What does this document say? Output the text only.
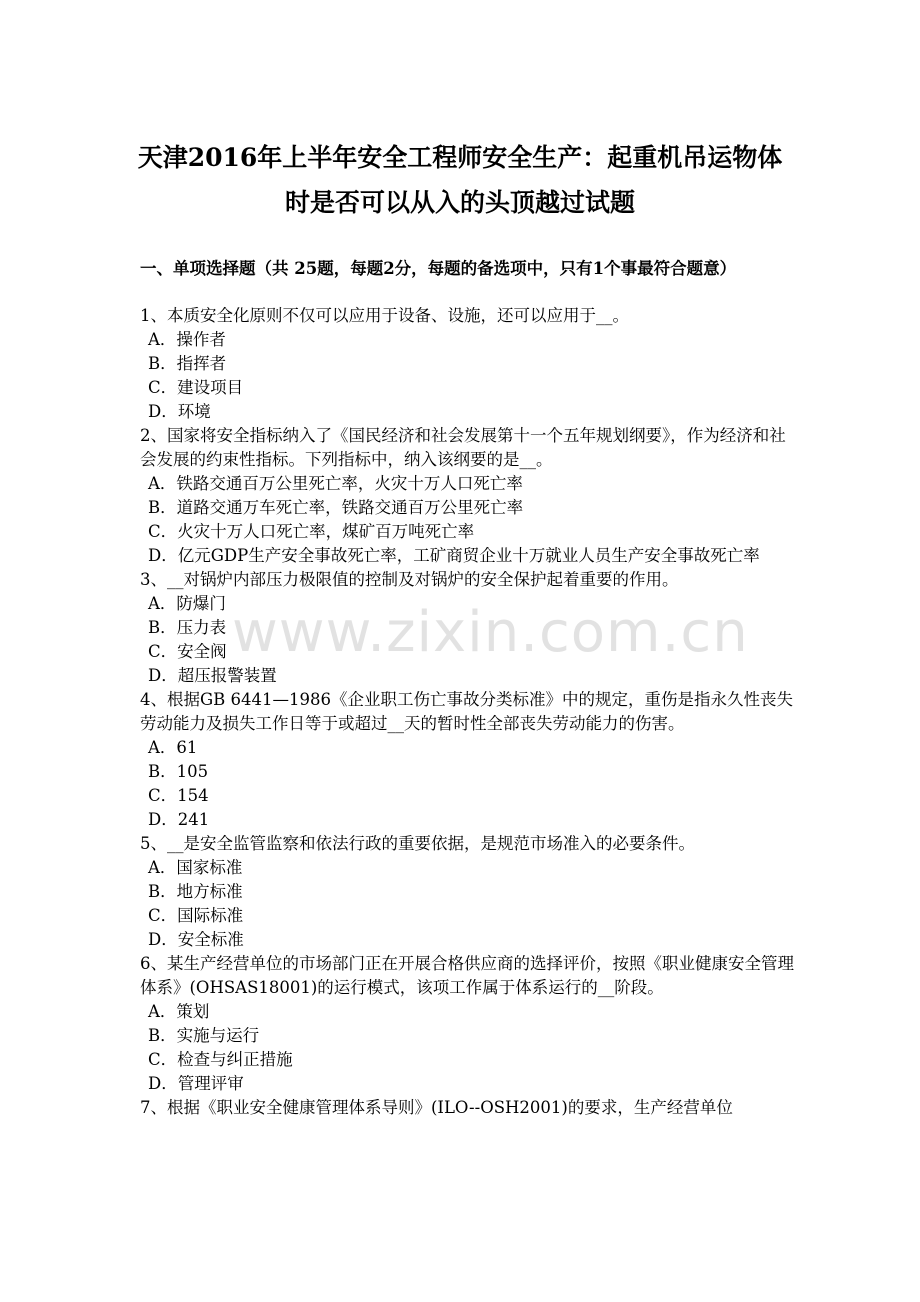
天津2016年上半年安全工程师安全生产：起重机吊运物体
时是否可以从入的头顶越过试题
一、单项选择题（共 25题，每题2分，每题的备选项中，只有1个事最符合题意）

1、本质安全化原则不仅可以应用于设备、设施，还可以应用于__。

A．操作者

B．指挥者

C．建设项目

D．环境

2、国家将安全指标纳入了《国民经济和社会发展第十一个五年规划纲要》，作为经济和社会发展的约束性指标。下列指标中，纳入该纲要的是__。

A．铁路交通百万公里死亡率，火灾十万人口死亡率

B．道路交通万车死亡率，铁路交通百万公里死亡率

C．火灾十万人口死亡率，煤矿百万吨死亡率

D．亿元GDP生产安全事故死亡率，工矿商贸企业十万就业人员生产安全事故死亡率

3、__对锅炉内部压力极限值的控制及对锅炉的安全保护起着重要的作用。

A．防爆门

B．压力表

C．安全阀

D．超压报警装置

4、根据GB 6441—1986《企业职工伤亡事故分类标准》中的规定，重伤是指永久性丧失劳动能力及损失工作日等于或超过__天的暂时性全部丧失劳动能力的伤害。

A．61

B．105

C．154

D．241

5、__是安全监管监察和依法行政的重要依据，是规范市场准入的必要条件。

A．国家标准

B．地方标准

C．国际标准

D．安全标准

6、某生产经营单位的市场部门正在开展合格供应商的选择评价，按照《职业健康安全管理体系》(OHSAS18001)的运行模式，该项工作属于体系运行的__阶段。

A．策划

B．实施与运行

C．检查与纠正措施

D．管理评审

7、根据《职业安全健康管理体系导则》(ILO--OSH2001)的要求，生产经营单位

www.zixin.com.cn
